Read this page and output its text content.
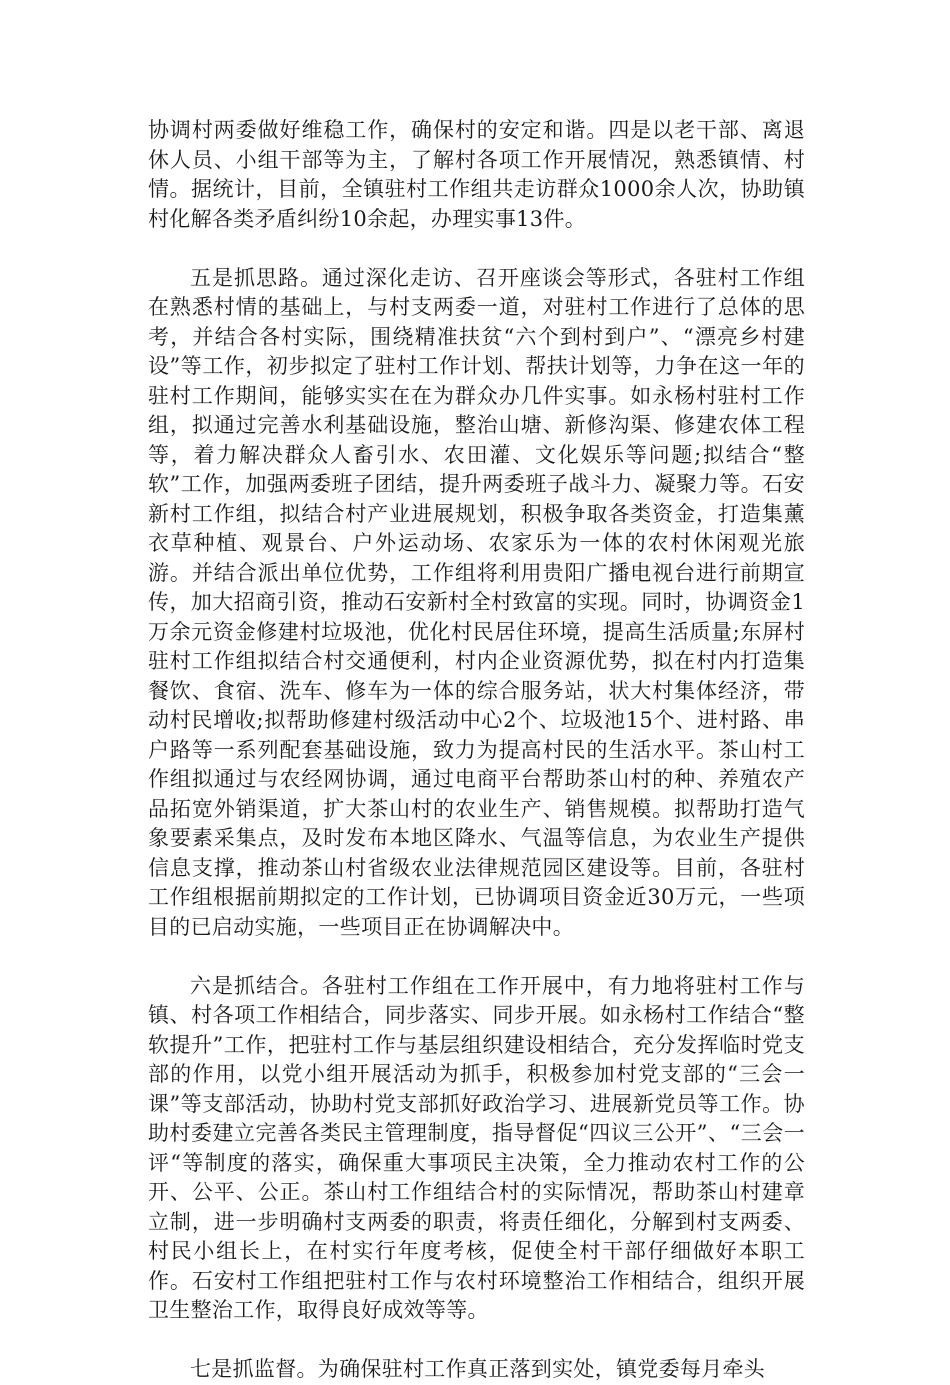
协调村两委做好维稳工作，确保村的安定和谐。四是以老干部、离退休人员、小组干部等为主，了解村各项工作开展情况，熟悉镇情、村情。据统计，目前，全镇驻村工作组共走访群众1000余人次，协助镇村化解各类矛盾纠纷10余起，办理实事13件。

五是抓思路。通过深化走访、召开座谈会等形式，各驻村工作组在熟悉村情的基础上，与村支两委一道，对驻村工作进行了总体的思考，并结合各村实际，围绕精准扶贫“六个到村到户”、“漂亮乡村建设”等工作，初步拟定了驻村工作计划、帮扶计划等，力争在这一年的驻村工作期间，能够实实在在为群众办几件实事。如永杨村驻村工作组，拟通过完善水利基础设施，整治山塘、新修沟渠、修建农体工程等，着力解决群众人畜引水、农田灌、文化娱乐等问题;拟结合“整软”工作，加强两委班子团结，提升两委班子战斗力、凝聚力等。石安新村工作组，拟结合村产业进展规划，积极争取各类资金，打造集薰衣草种植、观景台、户外运动场、农家乐为一体的农村休闲观光旅游。并结合派出单位优势，工作组将利用贵阳广播电视台进行前期宣传，加大招商引资，推动石安新村全村致富的实现。同时，协调资金1万余元资金修建村垃圾池，优化村民居住环境，提高生活质量;东屏村驻村工作组拟结合村交通便利，村内企业资源优势，拟在村内打造集餐饮、食宿、洗车、修车为一体的综合服务站，状大村集体经济，带动村民增收;拟帮助修建村级活动中心2个、垃圾池15个、进村路、串户路等一系列配套基础设施，致力为提高村民的生活水平。茶山村工作组拟通过与农经网协调，通过电商平台帮助茶山村的种、养殖农产品拓宽外销渠道，扩大茶山村的农业生产、销售规模。拟帮助打造气象要素采集点，及时发布本地区降水、气温等信息，为农业生产提供信息支撑，推动茶山村省级农业法律规范园区建设等。目前，各驻村工作组根据前期拟定的工作计划，已协调项目资金近30万元，一些项目的已启动实施，一些项目正在协调解决中。

六是抓结合。各驻村工作组在工作开展中，有力地将驻村工作与镇、村各项工作相结合，同步落实、同步开展。如永杨村工作结合“整软提升”工作，把驻村工作与基层组织建设相结合，充分发挥临时党支部的作用，以党小组开展活动为抓手，积极参加村党支部的“三会一课”等支部活动，协助村党支部抓好政治学习、进展新党员等工作。协助村委建立完善各类民主管理制度，指导督促“四议三公开”、“三会一评“等制度的落实，确保重大事项民主决策，全力推动农村工作的公开、公平、公正。茶山村工作组结合村的实际情况，帮助茶山村建章立制，进一步明确村支两委的职责，将责任细化，分解到村支两委、村民小组长上，在村实行年度考核，促使全村干部仔细做好本职工作。石安村工作组把驻村工作与农村环境整治工作相结合，组织开展卫生整治工作，取得良好成效等等。

七是抓监督。为确保驻村工作真正落到实处，镇党委每月牵头
